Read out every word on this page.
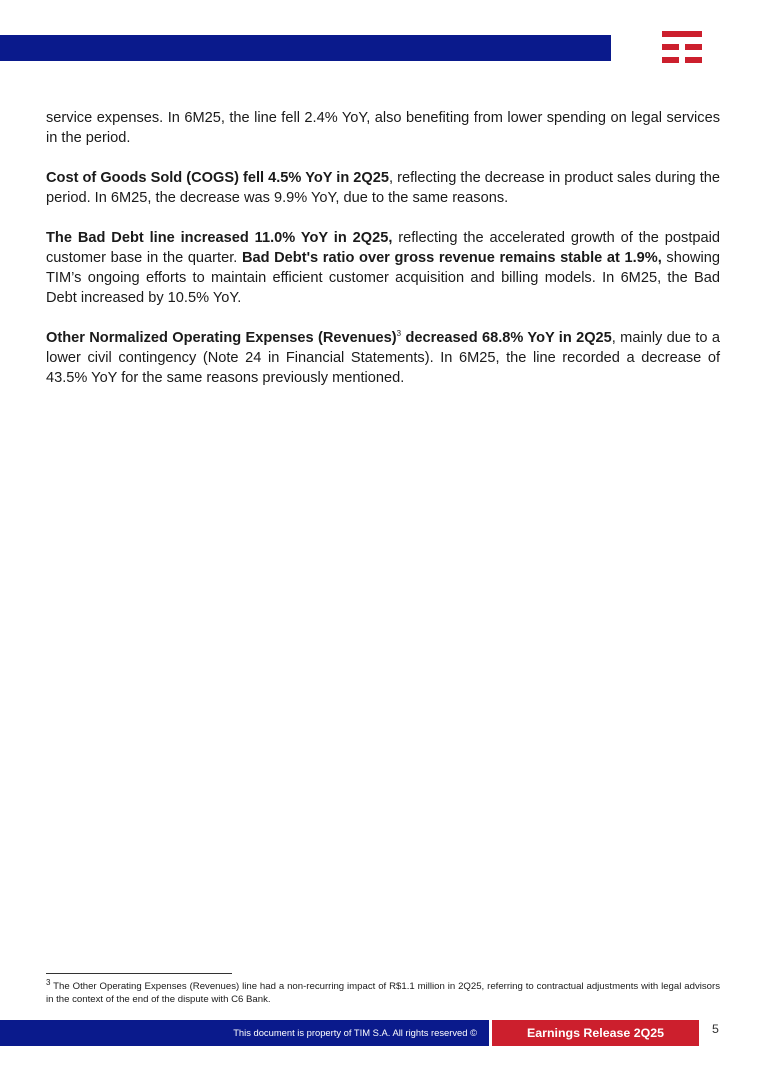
service expenses. In 6M25, the line fell 2.4% YoY, also benefiting from lower spending on legal services in the period.

Cost of Goods Sold (COGS) fell 4.5% YoY in 2Q25, reflecting the decrease in product sales during the period. In 6M25, the decrease was 9.9% YoY, due to the same reasons.

The Bad Debt line increased 11.0% YoY in 2Q25, reflecting the accelerated growth of the postpaid customer base in the quarter. Bad Debt's ratio over gross revenue remains stable at 1.9%, showing TIM’s ongoing efforts to maintain efficient customer acquisition and billing models. In 6M25, the Bad Debt increased by 10.5% YoY.

Other Normalized Operating Expenses (Revenues)$^3$ decreased 68.8% YoY in 2Q25, mainly due to a lower civil contingency (Note 24 in Financial Statements). In 6M25, the line recorded a decrease of 43.5% YoY for the same reasons previously mentioned.

$^3$ The Other Operating Expenses (Revenues) line had a non-recurring impact of R$1.1 million in 2Q25, referring to contractual adjustments with legal advisors in the context of the end of the dispute with C6 Bank.
This document is property of TIM S.A. All rights reserved ©	Earnings Release 2Q25	5
